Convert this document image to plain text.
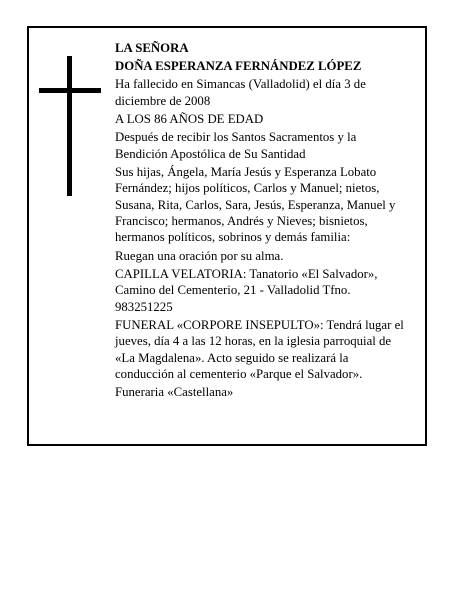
LA SEÑORA

DOÑA ESPERANZA FERNÁNDEZ LÓPEZ

Ha fallecido en Simancas (Valladolid) el día 3 de
diciembre de 2008

A LOS 86 AÑOS DE EDAD

Después de recibir los Santos Sacramentos y la
Bendición Apostólica de Su Santidad

Sus hijas, Ángela, María Jesús y Esperanza Lobato
Fernández; hijos políticos, Carlos y Manuel; nietos,
Susana, Rita, Carlos, Sara, Jesús, Esperanza, Manuel y
Francisco; hermanos, Andrés y Nieves; bisnietos,
hermanos políticos, sobrinos y demás familia:

Ruegan una oración por su alma.

CAPILLA VELATORIA: Tanatorio «El Salvador»,
Camino del Cementerio, 21 - Valladolid Tfno.
983251225

FUNERAL «CORPORE INSEPULTO»: Tendrá lugar el
jueves, día 4 a las 12 horas, en la iglesia parroquial de
«La Magdalena». Acto seguido se realizará la
conducción al cementerio «Parque el Salvador».

Funeraria «Castellana»
